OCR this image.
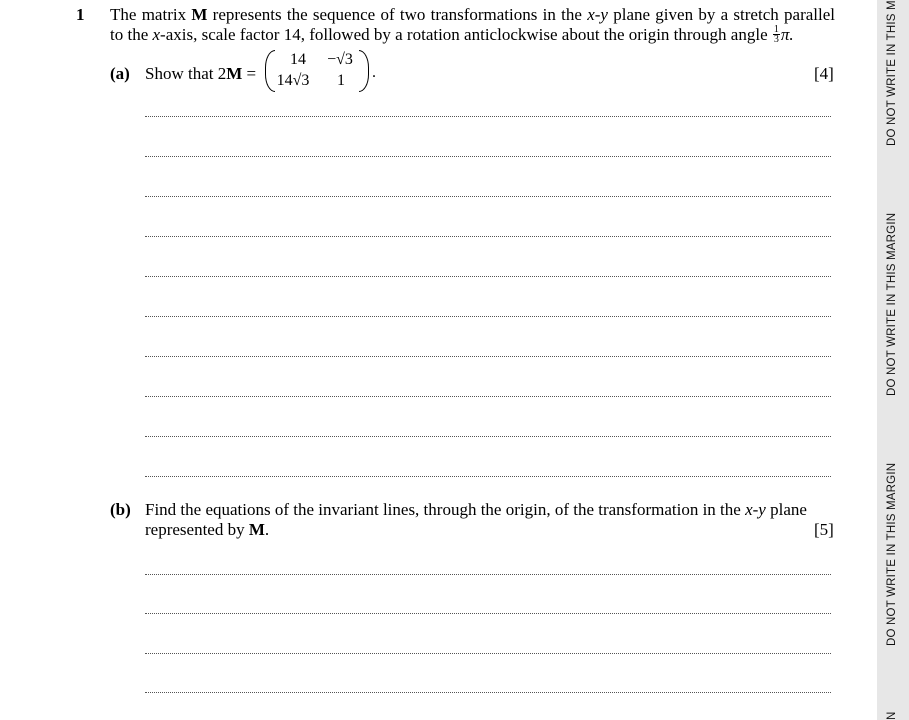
1 The matrix M represents the sequence of two transformations in the x-y plane given by a stretch parallel to the x-axis, scale factor 14, followed by a rotation anticlockwise about the origin through angle $\frac{1}{3} \pi$.
(a) Show that 2M =
14	−√3
14√3	1	.	[4]
(b) Find the equations of the invariant lines, through the origin, of the transformation in the x-y plane
represented by M.	[5]
DO NOT WRITE IN THIS M
DO NOT WRITE IN THIS MARGIN
DO NOT WRITE IN THIS MARGIN
N
